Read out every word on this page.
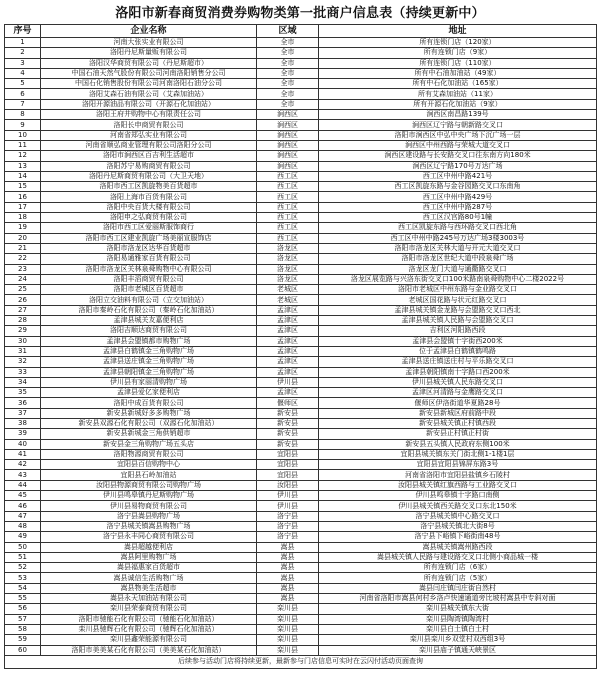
洛阳市新春商贸消费券购物类第一批商户信息表（持续更新中）
序号	企业名称	区域	地址
1	河南大张实业有限公司	全市	所有连锁门店（120家）
2	洛阳丹尼斯量贩有限公司	全市	所有连锁门店（9家）
3	洛阳汉华商贸有限公司（丹尼斯超市）	全市	所有连锁门店（110家）
4	中国石油天然气股份有限公司河南洛阳销售分公司	全市	所有中石油加油站（49家）
5	中国石化销售股份有限公司河南洛阳石油分公司	全市	所有中石化加油站（165家）
6	洛阳艾森石油有限公司（艾森加油站）	全市	所有艾森加油站（11家）
7	洛阳开源油品有限公司（开源石化加油站）	全市	所有开源石化加油站（9家）
8	洛阳王府井购物中心有限责任公司	涧西区	涧西区南昌路139号
9	洛阳长申商贸有限公司	涧西区	涧西区辽宁路与朝新路交叉口
10	河南省郑弘实业有限公司	涧西区	洛阳市涧西区中弘中央广场下沉广场一层
11	河南省顺弘商业管理有限公司洛阳分公司	涧西区	涧西区中州西路与荣城大道交叉口
12	洛阳市涧西区百吉利生活超市	涧西区	涧西区建设路与长安路交叉口往东南方向180米
13	洛阳苏宁易购商贸有限公司	涧西区	涧西区辽宁路170号万达广场
14	洛阳丹尼斯商贸有限公司（大卫天地）	西工区	西工区中州中路421号
15	洛阳市西工区凯旋物美百货超市	西工区	西工区凯旋东路与金谷园路交叉口东南角
16	洛阳上海市百货有限公司	西工区	西工区中州中路429号
17	洛阳中央百货大楼有限公司	西工区	西工区中州中路287号
18	洛阳申之弘商贸有限公司	西工区	西工区汉宫路80号1幢
19	洛阳市西工区爱丽斯服饰商行	西工区	西工区凯旋东路与西环路交叉口西北角
20	洛阳市西工区建业凯旋广场美丽宣服饰店	西工区	西工区中州中路245号万达广场3楼3003号
21	洛阳市洛龙区达华百货超市	洛龙区	洛阳市洛龙区关林大道与开元大道交叉口
22	洛阳易通雅家百货有限公司	洛龙区	洛阳市洛龙区世纪大道中段泉舜广场
23	洛阳市洛龙区关林泉舜购物中心有限公司	洛龙区	洛龙区龙门大道与通衢路交叉口
24	洛阳丰滔商贸有限公司	洛龙区	洛龙区展览路与兴洛东街交叉口100米路南泉舜购物中心二楼2022号
25	洛阳市老城区百货超市	老城区	洛阳市老城区中州东路与金业路交叉口
26	洛阳立交油料有限公司（立交加油站）	老城区	老城区国花路与状元红路交叉口
27	洛阳市秦岭石化有限公司（秦岭石化加油站）	孟津区	孟津县城关镇金龙路与会盟路交叉口西北
28	孟津县城关友嘉便利店	孟津区	孟津县城关镇人民路与会盟路交叉口
29	洛阳吉顺达商贸有限公司	孟津区	吉利区河阳路西段
30	孟津县会盟镇都市购物广场	孟津区	孟津县会盟镇十字街西200米
31	孟津县白鹤镇金三角购物广场	孟津区	位于孟津县白鹤镇鹤鸣路
32	孟津县送庄镇金三角购物广场	孟津区	孟津县送庄镇送庄村与平乐路交叉口
33	孟津县朝阳镇金三角购物广场	孟津区	孟津县朝阳镇南十字路口西200米
34	伊川县有家丽清购物广场	伊川县	伊川县城关镇人民东路交叉口
35	孟津县爱亿家便利店	孟津区	孟津区河清路与金鹰路交叉口
36	洛阳中成百货有限公司	偃师区	偃师区伊洛街道华夏路28号
37	新安县新城好多多购物广场	新安县	新安县新城区府前路中段
38	新安县双源石化有限公司（双源石化加油站）	新安县	新安县城关镇正村镇西段
39	新安县新城金三角供销超市	新安县	新安县正村镇正村街
40	新安县金三角购物广场五头店	新安县	新安县五头镇人民政府东侧100米
41	洛阳物源商贸有限公司	宜阳县	宜阳县城关镇东关门街北侧1-1楼1层
42	宜阳县百信购物中心	宜阳县	宜阳县宜阳县锦屏东路3号
43	宜阳县石岭加油站	宜阳县	河南省洛阳市宜阳县盐镇乡石陵村
44	汝阳县物源商贸有限公司购物广场	汝阳县	汝阳县城关镇红旗西路与工业路交叉口
45	伊川县鸣皋镇丹尼斯购物广场	伊川县	伊川县鸣皋镇十字路口南侧
46	伊川县易物商贸有限公司	伊川县	伊川县城关镇西关路交叉口东北150米
47	洛宁县嵩县购物广场	洛宁县	洛宁县城关镇中心路交叉口
48	洛宁县城关镇嵩县购物广场	洛宁县	洛宁县城关镇北大街8号
49	洛宁县永丰同心商贸有限公司	洛宁县	洛宁县下峪镇下峪街南48号
50	嵩县超越便利店	嵩县	嵩县城关镇嵩州路西段
51	嵩县阿里购物广场	嵩县	嵩县城关镇人民路与建设路交叉口北侧小商品城一楼
52	嵩县福惠家百货超市	嵩县	所有连锁门店（6家）
53	嵩县诚信生活购物广场	嵩县	所有连锁门店（5家）
54	嵩县物美生活超市	嵩县	嵩县闫庄镇闫庄街自然村
55	嵩县永天加油站有限公司	嵩县	河南省洛阳市嵩县何村乡洛卢快速通道旁比坡村嵩县中专斜对面
56	栾川县荣泰商贸有限公司	栾川县	栾川县城关镇东大街
57	洛阳市驰能石化有限公司（驰能石化加油站）	栾川县	栾川县陶湾镇陶湾村
58	栾川县驰辉石化有限公司（驰辉石化加油站）	栾川县	栾川县白土镇白土村
59	栾川县鑫荣能源有限公司	栾川县	栾川县栾川乡双堂村双西组3号
60	洛阳市美美某石化有限公司（美美某石化加油站）	栾川县	栾川县庙子镇通天峡景区
后续参与活动门店将持续更新，最新参与门店信息可实时在云闪付活动页面查询			
